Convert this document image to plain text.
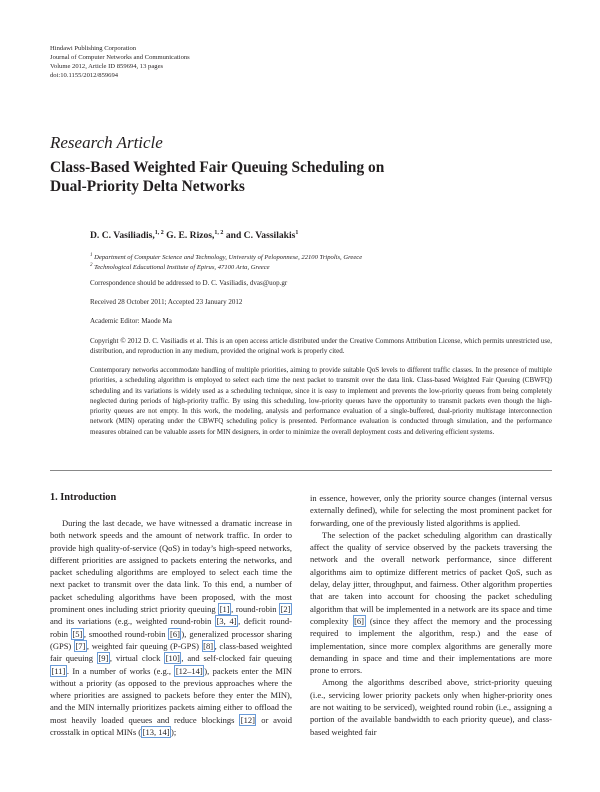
Hindawi Publishing Corporation
Journal of Computer Networks and Communications
Volume 2012, Article ID 859694, 13 pages
doi:10.1155/2012/859694
Research Article
Class-Based Weighted Fair Queuing Scheduling on
Dual-Priority Delta Networks
D. C. Vasiliadis,$^{1, 2}$ G. E. Rizos,$^{1, 2}$ and C. Vassilakis$^1$
$^1$ Department of Computer Science and Technology, University of Peloponnese, 22100 Tripolis, Greece
$^2$ Technological Educational Institute of Epirus, 47100 Arta, Greece
Correspondence should be addressed to D. C. Vasiliadis, dvas@uop.gr
Received 28 October 2011; Accepted 23 January 2012
Academic Editor: Maode Ma
Copyright © 2012 D. C. Vasiliadis et al. This is an open access article distributed under the Creative Commons Attribution License, which permits unrestricted use, distribution, and reproduction in any medium, provided the original work is properly cited.
Contemporary networks accommodate handling of multiple priorities, aiming to provide suitable QoS levels to different traffic classes. In the presence of multiple priorities, a scheduling algorithm is employed to select each time the next packet to transmit over the data link. Class-based Weighted Fair Queuing (CBWFQ) scheduling and its variations is widely used as a scheduling technique, since it is easy to implement and prevents the low-priority queues from being completely neglected during periods of high-priority traffic. By using this scheduling, low-priority queues have the opportunity to transmit packets even though the high-priority queues are not empty. In this work, the modeling, analysis and performance evaluation of a single-buffered, dual-priority multistage interconnection network (MIN) operating under the CBWFQ scheduling policy is presented. Performance evaluation is conducted through simulation, and the performance measures obtained can be valuable assets for MIN designers, in order to minimize the overall deployment costs and delivering efficient systems.
1. Introduction

During the last decade, we have witnessed a dramatic increase in both network speeds and the amount of network traffic. In order to provide high quality-of-service (QoS) in today’s high-speed networks, different priorities are assigned to packets entering the networks, and packet scheduling algorithms are employed to select each time the next packet to transmit over the data link. To this end, a number of packet scheduling algorithms have been proposed, with the most prominent ones including strict priority queuing [1] , round-robin [2] and its variations (e.g., weighted round-robin [3, 4] , deficit round-robin [5] , smoothed round-robin [6] ), generalized processor sharing (GPS) [7] , weighted fair queuing (P-GPS) [8] , class-based weighted fair queuing [9] , virtual clock [10] , and self-clocked fair queuing [11] . In a number of works (e.g., [12–14] ), packets enter the MIN without a priority (as opposed to the previous approaches where the where priorities are assigned to packets before they enter the MIN), and the MIN internally prioritizes packets aiming either to offload the most heavily loaded queues and reduce blockings [12] or avoid crosstalk in optical MINs ( [13, 14] );

in essence, however, only the priority source changes (internal versus externally defined), while for selecting the most prominent packet for forwarding, one of the previously listed algorithms is applied.

The selection of the packet scheduling algorithm can drastically affect the quality of service observed by the packets traversing the network and the overall network performance, since different algorithms aim to optimize different metrics of packet QoS, such as delay, delay jitter, throughput, and fairness. Other algorithm properties that are taken into account for choosing the packet scheduling algorithm that will be implemented in a network are its space and time complexity [6] (since they affect the memory and the processing required to implement the algorithm, resp.) and the ease of implementation, since more complex algorithms are generally more demanding in space and time and their implementations are more prone to errors.

Among the algorithms described above, strict-priority queuing (i.e., servicing lower priority packets only when higher-priority ones are not waiting to be serviced), weighted round robin (i.e., assigning a portion of the available bandwidth to each priority queue), and class-based weighted fair
